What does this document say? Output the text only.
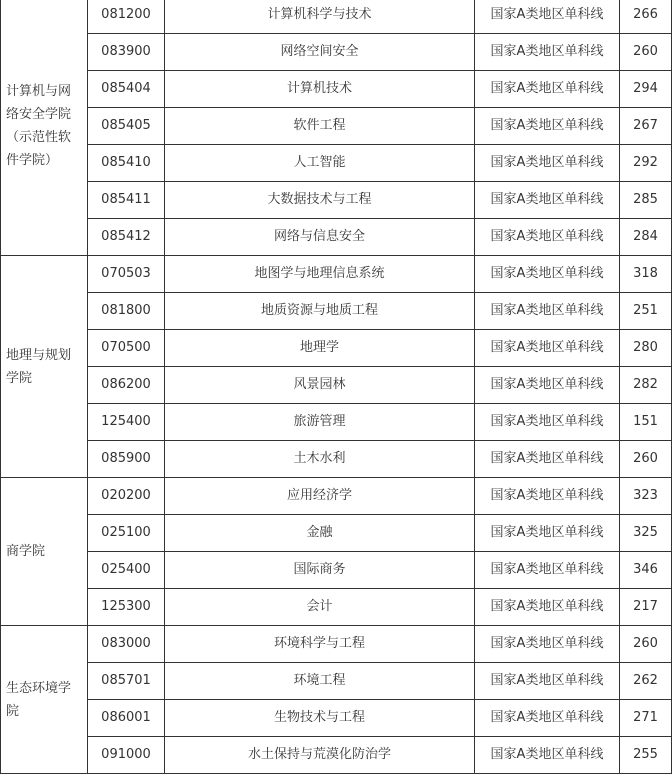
计算机与网络安全学院（示范性软件学院）	081200	计算机科学与技术	国家A类地区单科线	266
	083900	网络空间安全	国家A类地区单科线	260
	085404	计算机技术	国家A类地区单科线	294
	085405	软件工程	国家A类地区单科线	267
	085410	人工智能	国家A类地区单科线	292
	085411	大数据技术与工程	国家A类地区单科线	285
	085412	网络与信息安全	国家A类地区单科线	284
地理与规划学院	070503	地图学与地理信息系统	国家A类地区单科线	318
	081800	地质资源与地质工程	国家A类地区单科线	251
	070500	地理学	国家A类地区单科线	280
	086200	风景园林	国家A类地区单科线	282
	125400	旅游管理	国家A类地区单科线	151
	085900	土木水利	国家A类地区单科线	260
商学院	020200	应用经济学	国家A类地区单科线	323
	025100	金融	国家A类地区单科线	325
	025400	国际商务	国家A类地区单科线	346
	125300	会计	国家A类地区单科线	217
生态环境学院	083000	环境科学与工程	国家A类地区单科线	260
	085701	环境工程	国家A类地区单科线	262
	086001	生物技术与工程	国家A类地区单科线	271
	091000	水土保持与荒漠化防治学	国家A类地区单科线	255
